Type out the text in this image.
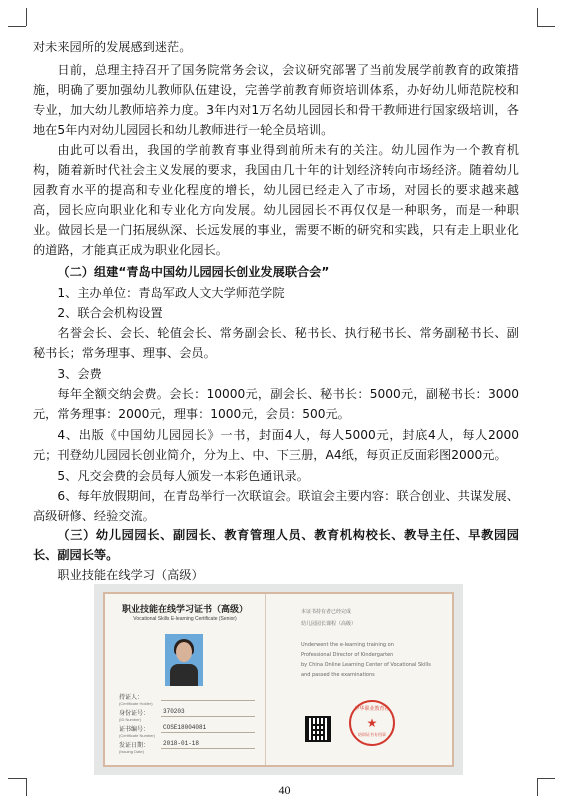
对未来园所的发展感到迷茫。

日前，总理主持召开了国务院常务会议，会议研究部署了当前发展学前教育的政策措施，明确了要加强幼儿教师队伍建设，完善学前教育师资培训体系，办好幼儿师范院校和专业，加大幼儿教师培养力度。3年内对1万名幼儿园园长和骨干教师进行国家级培训，各地在5年内对幼儿园园长和幼儿教师进行一轮全员培训。

由此可以看出，我国的学前教育事业得到前所未有的关注。幼儿园作为一个教育机构，随着新时代社会主义发展的要求，我国由几十年的计划经济转向市场经济。随着幼儿园教育水平的提高和专业化程度的增长，幼儿园已经走入了市场，对园长的要求越来越高，园长应向职业化和专业化方向发展。幼儿园园长不再仅仅是一种职务，而是一种职业。做园长是一门拓展纵深、长远发展的事业，需要不断的研究和实践，只有走上职业化的道路，才能真正成为职业化园长。

（二）组建“青岛中国幼儿园园长创业发展联合会”

1、主办单位：青岛军政人文大学师范学院

2、联合会机构设置

名誉会长、会长、轮值会长、常务副会长、秘书长、执行秘书长、常务副秘书长、副秘书长；常务理事、理事、会员。

3、会费

每年全额交纳会费。会长：10000元，副会长、秘书长：5000元，副秘书长：3000元，常务理事：2000元，理事：1000元，会员：500元。

4、出版《中国幼儿园园长》一书，封面4人，每人5000元，封底4人，每人2000元；刊登幼儿园园长创业简介，分为上、中、下三册，A4纸，每页正反面彩图2000元。

5、凡交会费的会员每人颁发一本彩色通讯录。

6、每年放假期间，在青岛举行一次联谊会。联谊会主要内容：联合创业、共谋发展、高级研修、经验交流。

（三）幼儿园园长、副园长、教育管理人员、教育机构校长、教导主任、早教园园长、副园长等。

职业技能在线学习（高级）

职业技能在线学习证书（高级）
Vocational Skills E-learning Certificate (Senior)
持证人：
(Certificate Holder)
身份证号：
(ID Number)
370203
证书编号：
(Certificate Number)
COSE18004081
发证日期：
(Issuing Date)
2018-01-18
本证书持有者已经完成
幼儿园园长课程（高级）
Underwent the e-learning training on
Professional Director of Kindergarten
by China Online Learning Center of Vocational Skills
and passed the examinations
中华职业教育社
★
培训证书专用章
40
